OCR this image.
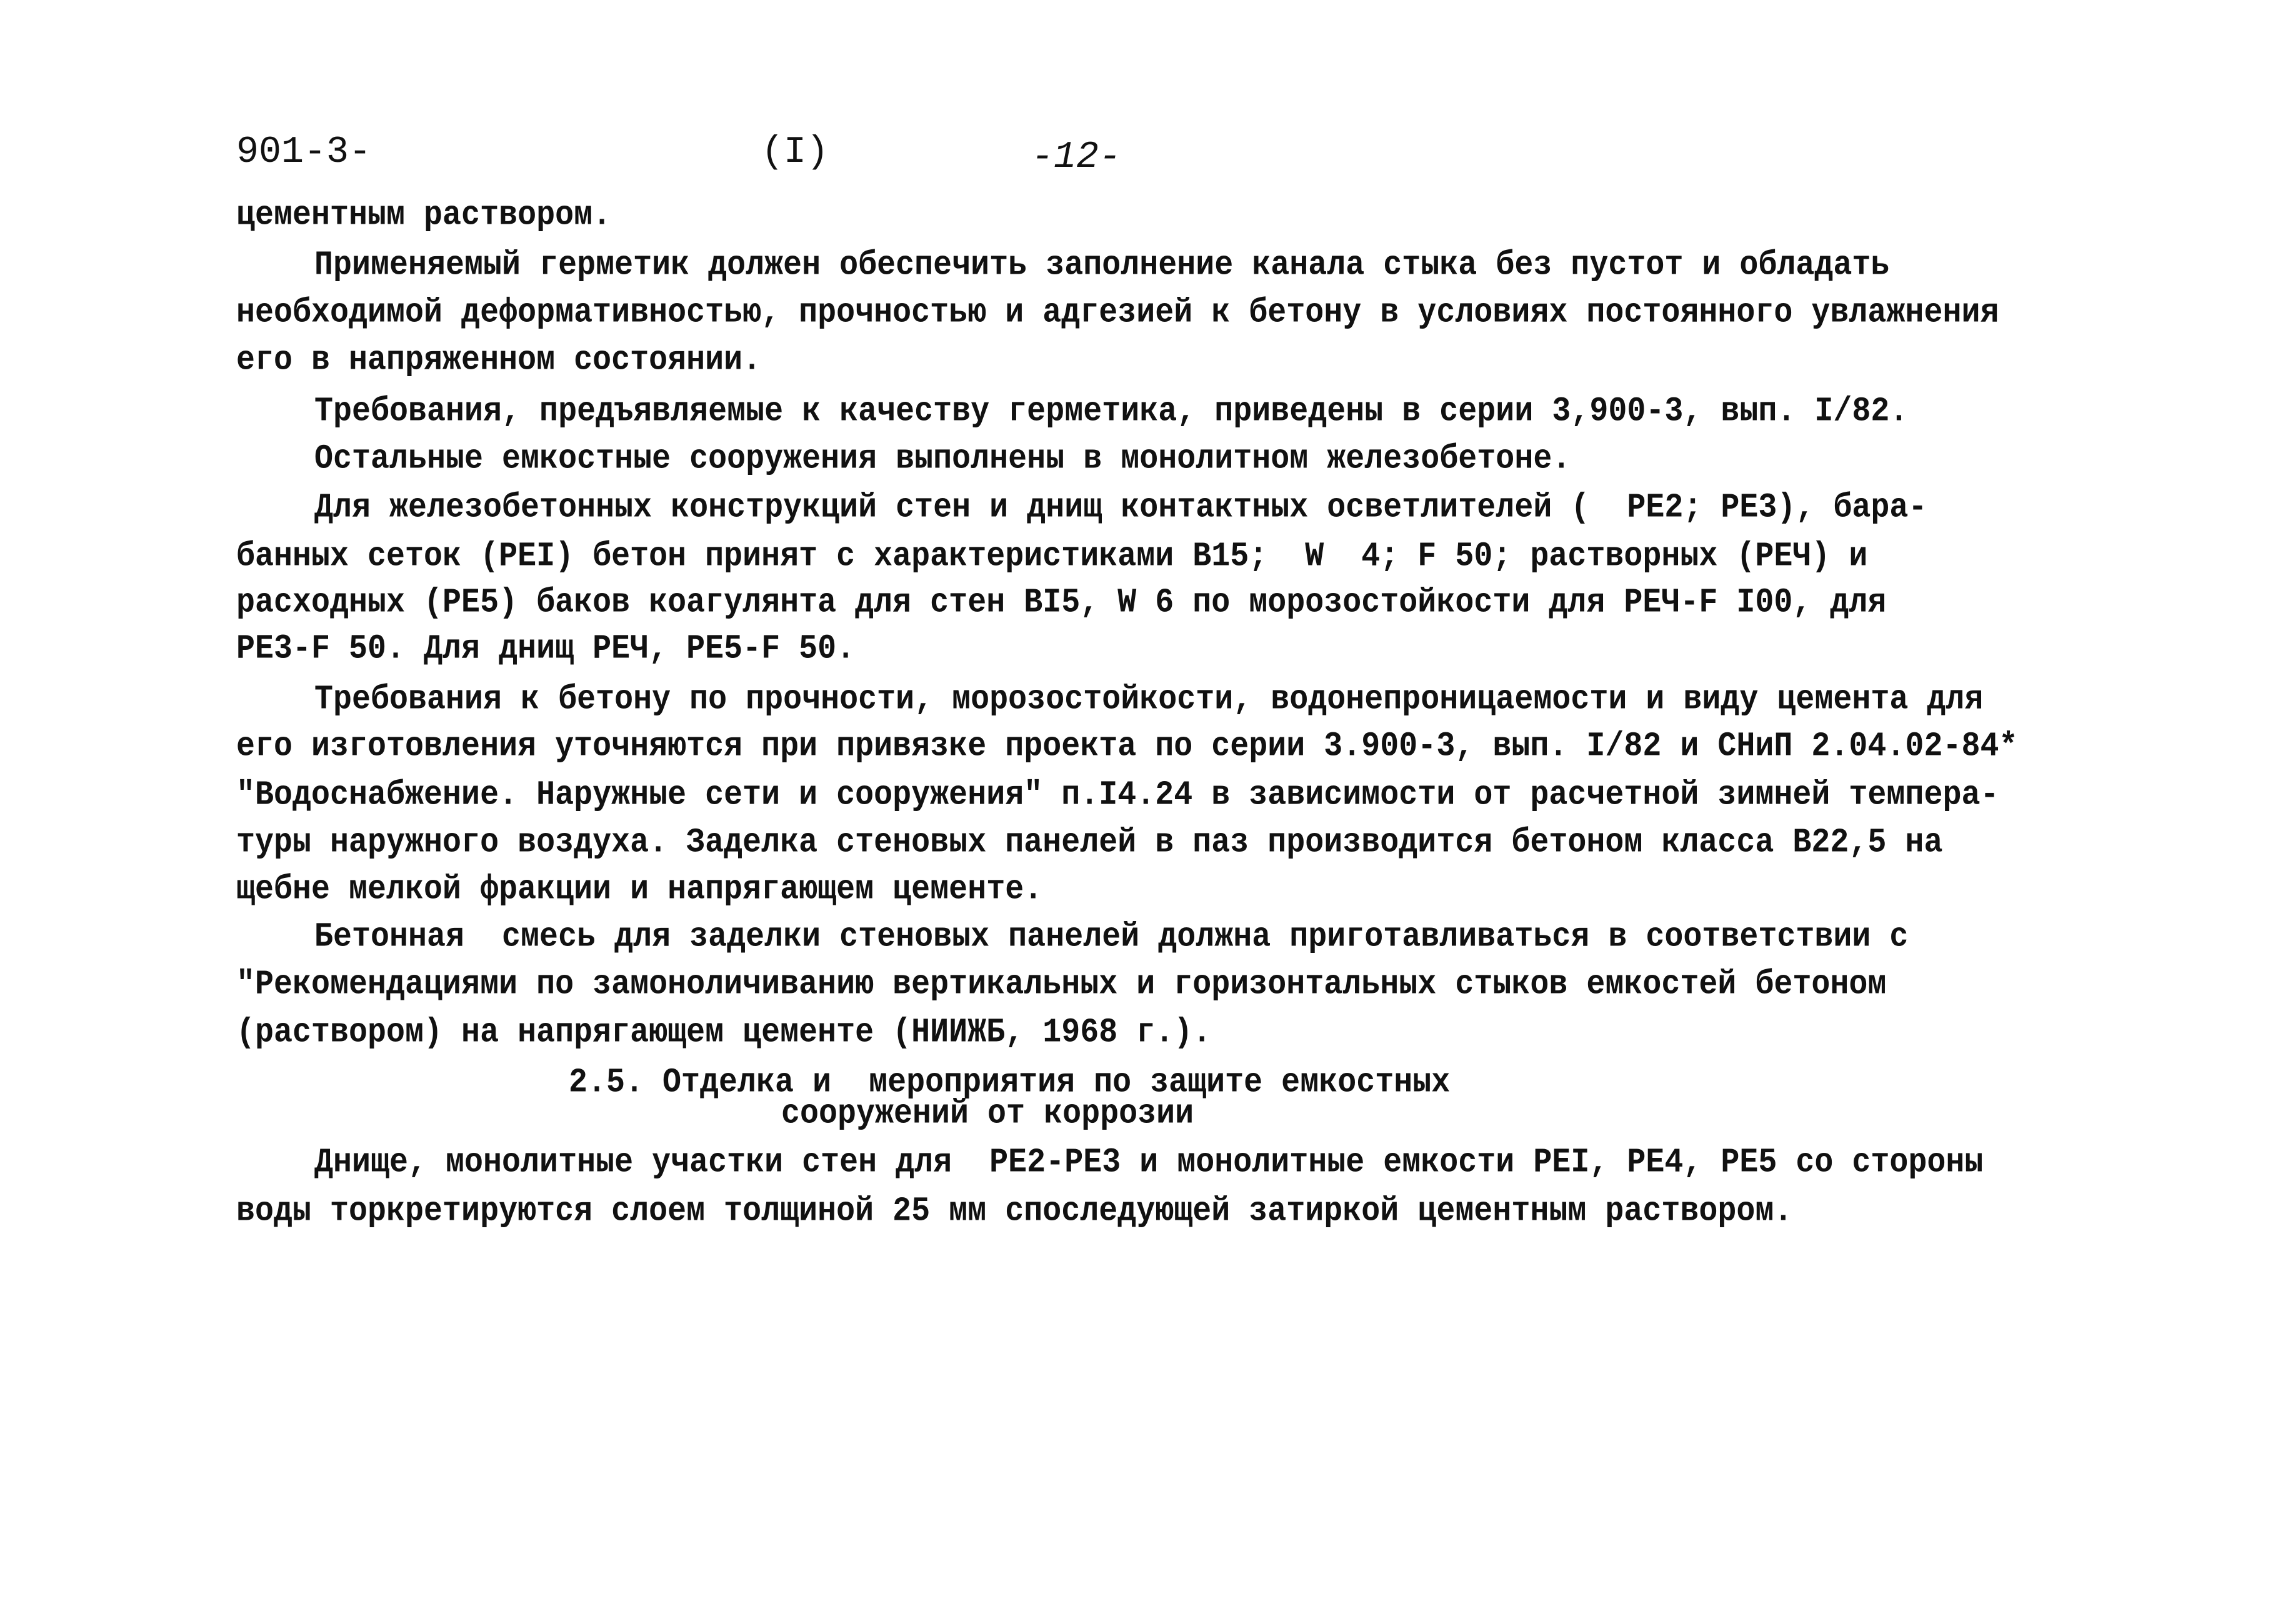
901-3-	(I)	-12-
цементным раствором.
Применяемый герметик должен обеспечить заполнение канала стыка без пустот и обладать
необходимой деформативностью, прочностью и адгезией к бетону в условиях постоянного увлажнения
его в напряженном состоянии.
Требования, предъявляемые к качеству герметика, приведены в серии 3,900-3, вып. I/82.
Остальные емкостные сооружения выполнены в монолитном железобетоне.
Для железобетонных конструкций стен и днищ контактных осветлителей (  РЕ2; РЕ3), бара-
банных сеток (РЕI) бетон принят с характеристиками В15;  W  4; F 50; растворных (РЕЧ) и
расходных (РЕ5) баков коагулянта для стен ВI5, W 6 по морозостойкости для РЕЧ-F I00, для
РЕ3-F 50. Для днищ РЕЧ, РЕ5-F 50.
Требования к бетону по прочности, морозостойкости, водонепроницаемости и виду цемента для
его изготовления уточняются при привязке проекта по серии 3.900-3, вып. I/82 и СНиП 2.04.02-84*
"Водоснабжение. Наружные сети и сооружения" п.I4.24 в зависимости от расчетной зимней темпера-
туры наружного воздуха. Заделка стеновых панелей в паз производится бетоном класса В22,5 на
щебне мелкой фракции и напрягающем цементе.
Бетонная  смесь для заделки стеновых панелей должна приготавливаться в соответствии с
"Рекомендациями по замоноличиванию вертикальных и горизонтальных стыков емкостей бетоном
(раствором) на напрягающем цементе (НИИЖБ, 1968 г.).
2.5. Отделка и  мероприятия по защите емкостных
сооружений от коррозии
Днище, монолитные участки стен для  РЕ2-РЕ3 и монолитные емкости РЕI, РЕ4, РЕ5 со стороны
воды торкретируются слоем толщиной 25 мм споследующей затиркой цементным раствором.
